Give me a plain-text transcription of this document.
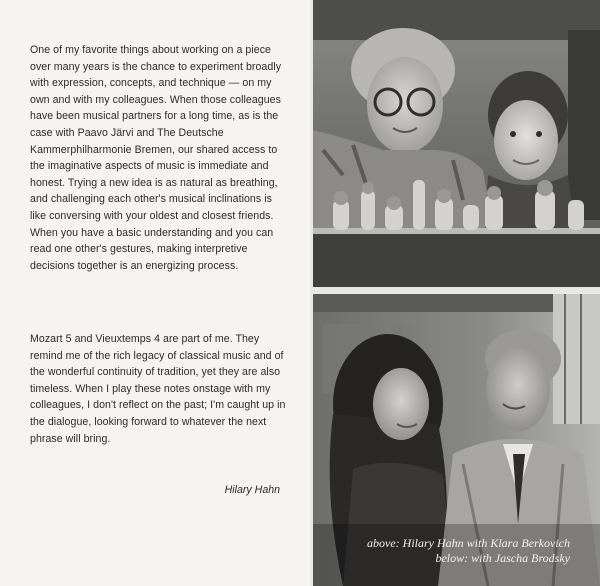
One of my favorite things about working on a piece over many years is the chance to experiment broadly with expression, concepts, and technique — on my own and with my colleagues. When those colleagues have been musical partners for a long time, as is the case with Paavo Järvi and The Deutsche Kammerphilharmonie Bremen, our shared access to the imaginative aspects of music is immediate and honest. Trying a new idea is as natural as breathing, and challenging each other's musical inclinations is like conversing with your oldest and closest friends. When you have a basic understanding and you can read one other's gestures, making interpretive decisions together is an energizing process.

Mozart 5 and Vieuxtemps 4 are part of me. They remind me of the rich legacy of classical music and of the wonderful continuity of tradition, yet they are also timeless. When I play these notes onstage with my colleagues, I don't reflect on the past; I'm caught up in the dialogue, looking forward to whatever the next phrase will bring.

Hilary Hahn
above: Hilary Hahn with Klara Berkovich
below: with Jascha Brodsky
